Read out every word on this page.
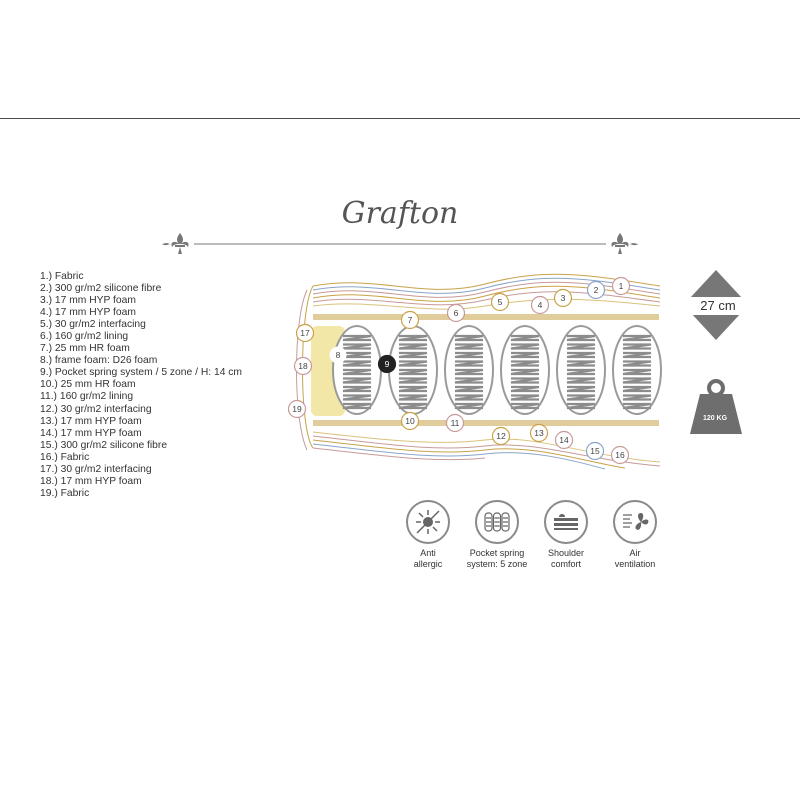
Grafton
1.) Fabric
2.) 300 gr/m2 silicone fibre
3.) 17 mm HYP foam
4.) 17 mm HYP foam
5.) 30 gr/m2 interfacing
6.) 160 gr/m2 lining
7.) 25 mm HR foam
8.) frame foam: D26 foam
9.) Pocket spring system / 5 zone / H: 14 cm
10.) 25 mm HR foam
11.) 160 gr/m2 lining
12.) 30 gr/m2 interfacing
13.) 17 mm HYP foam
14.) 17 mm HYP foam
15.) 300 gr/m2 silicone fibre
16.) Fabric
17.) 30 gr/m2 interfacing
18.) 17 mm HYP foam
19.) Fabric
1
2
3
4
5
6
7
8
9
10	11
12	13
14
15 16
17
18
19
27 cm
120 KG
Anti
allergic
Pocket spring
system: 5 zone
Shoulder
comfort
Air
ventilation
